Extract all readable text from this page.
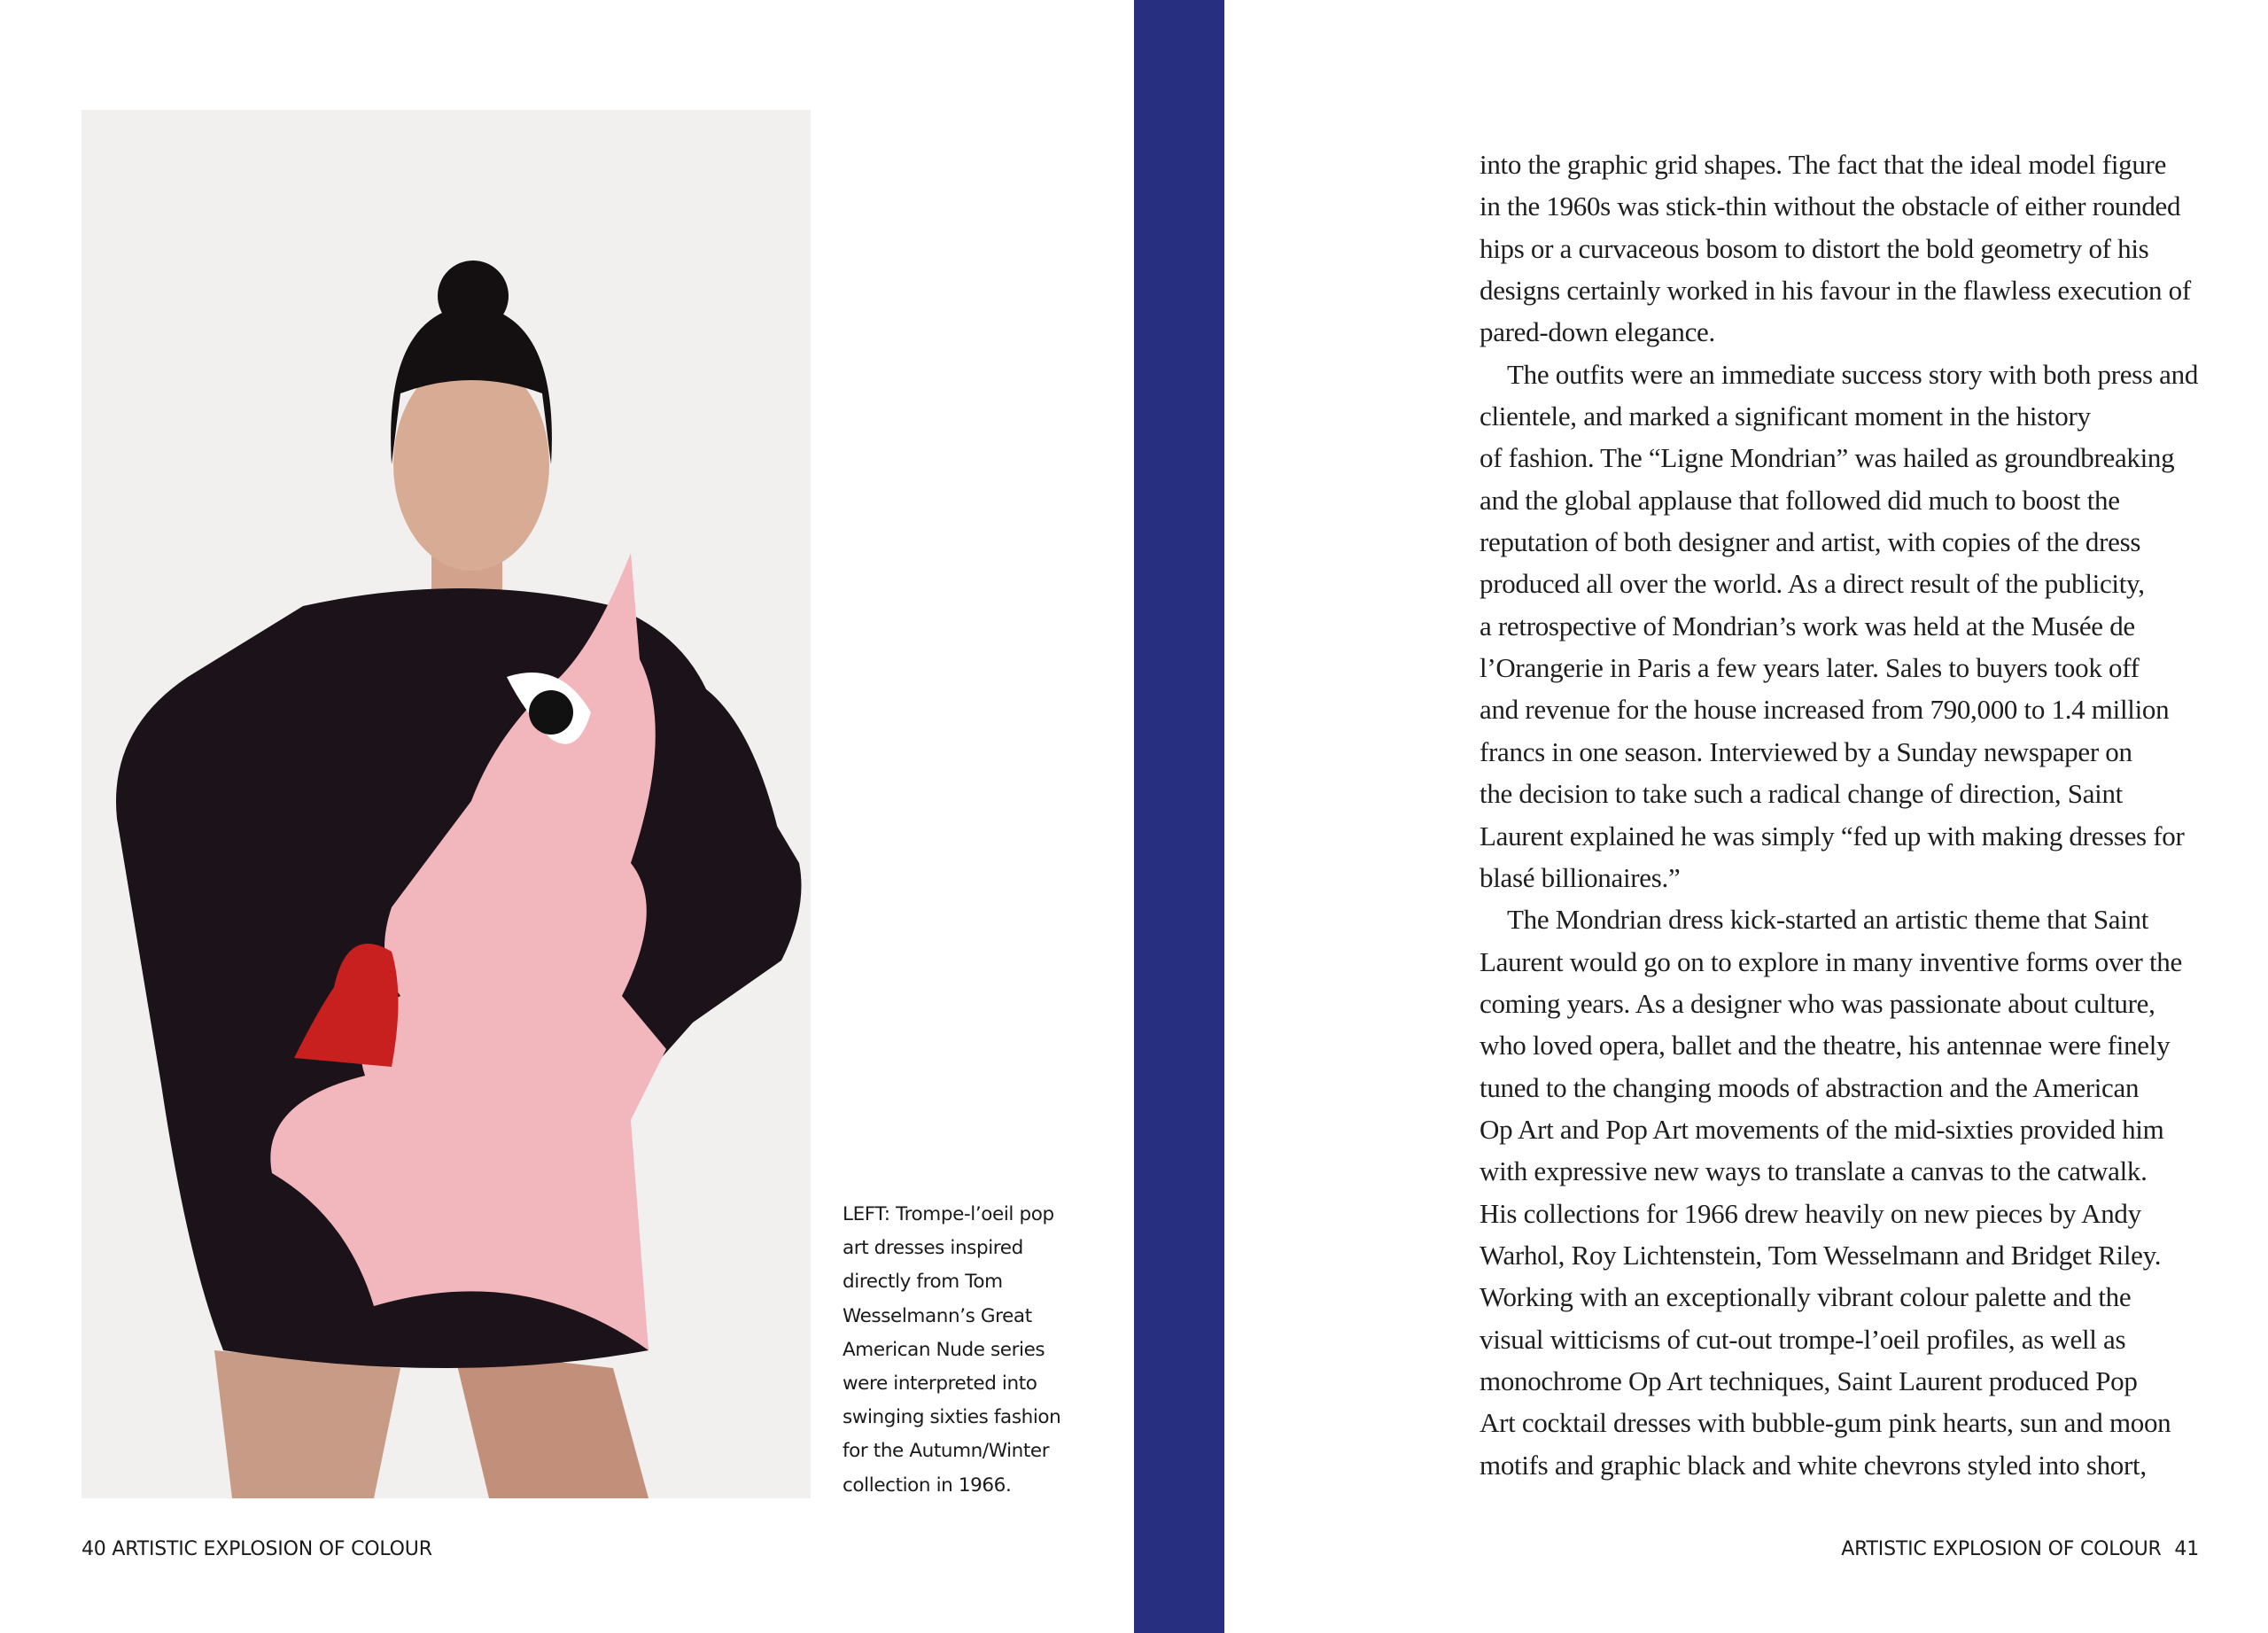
LEFT: Trompe-l’oeil pop
art dresses inspired
directly from Tom
Wesselmann’s Great
American Nude series
were interpreted into
swinging sixties fashion
for the Autumn/Winter
collection in 1966.
40 ARTISTIC EXPLOSION OF COLOUR
into the graphic grid shapes. The fact that the ideal model figure
in the 1960s was stick-thin without the obstacle of either rounded
hips or a curvaceous bosom to distort the bold geometry of his
designs certainly worked in his favour in the flawless execution of
pared-down elegance.
The outfits were an immediate success story with both press and
clientele, and marked a significant moment in the history
of fashion. The “Ligne Mondrian” was hailed as groundbreaking
and the global applause that followed did much to boost the
reputation of both designer and artist, with copies of the dress
produced all over the world. As a direct result of the publicity,
a retrospective of Mondrian’s work was held at the Musée de
l’Orangerie in Paris a few years later. Sales to buyers took off
and revenue for the house increased from 790,000 to 1.4 million
francs in one season. Interviewed by a Sunday newspaper on
the decision to take such a radical change of direction, Saint
Laurent explained he was simply “fed up with making dresses for
blasé billionaires.”
The Mondrian dress kick-started an artistic theme that Saint
Laurent would go on to explore in many inventive forms over the
coming years. As a designer who was passionate about culture,
who loved opera, ballet and the theatre, his antennae were finely
tuned to the changing moods of abstraction and the American
Op Art and Pop Art movements of the mid-sixties provided him
with expressive new ways to translate a canvas to the catwalk.
His collections for 1966 drew heavily on new pieces by Andy
Warhol, Roy Lichtenstein, Tom Wesselmann and Bridget Riley.
Working with an exceptionally vibrant colour palette and the
visual witticisms of cut-out trompe-l’oeil profiles, as well as
monochrome Op Art techniques, Saint Laurent produced Pop
Art cocktail dresses with bubble-gum pink hearts, sun and moon
motifs and graphic black and white chevrons styled into short,
ARTISTIC EXPLOSION OF COLOUR 41
